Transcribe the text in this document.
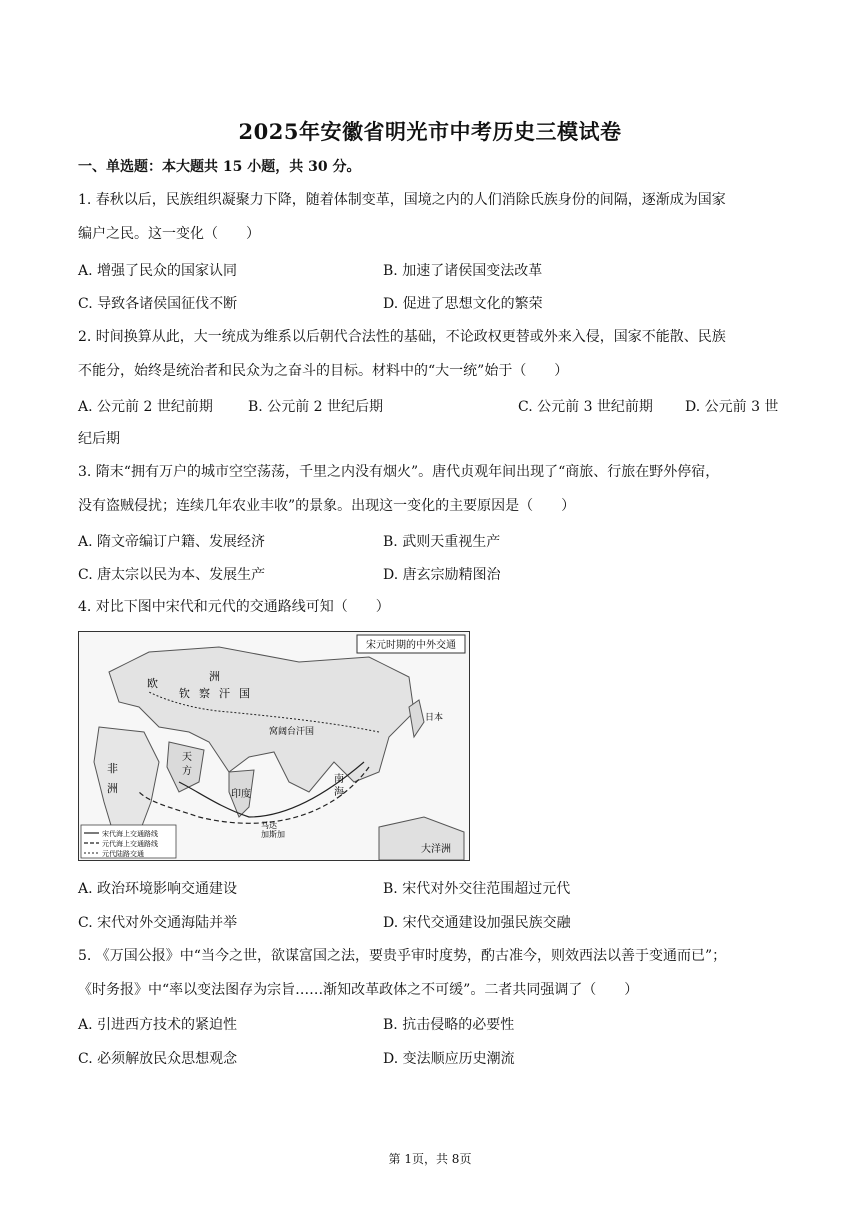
2025年安徽省明光市中考历史三模试卷
一、单选题：本大题共 15 小题，共 30 分。
1. 春秋以后，民族组织凝聚力下降，随着体制变革，国境之内的人们消除氏族身份的间隔，逐渐成为国家
编户之民。这一变化（　　）
A. 增强了民众的国家认同	B. 加速了诸侯国变法改革
C. 导致各诸侯国征伐不断	D. 促进了思想文化的繁荣
2. 时间换算从此，大一统成为维系以后朝代合法性的基础，不论政权更替或外来入侵，国家不能散、民族
不能分，始终是统治者和民众为之奋斗的目标。材料中的“大一统”始于（　　）
A. 公元前 2 世纪前期	B. 公元前 2 世纪后期	C. 公元前 3 世纪前期 D. 公元前 3 世
纪后期
3. 隋末“拥有万户的城市空空荡荡，千里之内没有烟火”。唐代贞观年间出现了“商旅、行旅在野外停宿，
没有盗贼侵扰；连续几年农业丰收”的景象。出现这一变化的主要原因是（　　）
A. 隋文帝编订户籍、发展经济	B. 武则天重视生产
C. 唐太宗以民为本、发展生产	D. 唐玄宗励精图治
4. 对比下图中宋代和元代的交通路线可知（　　）
宋元时期的中外交通
欧
洲
钦 察 汗 国
窝阔台汗国
非
洲
天
方
印度
南
海
日本
大洋洲
马达
加斯加
宋代海上交通路线
元代海上交通路线
元代陆路交通
A. 政治环境影响交通建设	B. 宋代对外交往范围超过元代
C. 宋代对外交通海陆并举	D. 宋代交通建设加强民族交融
5. 《万国公报》中“当今之世，欲谋富国之法，要贵乎审时度势，酌古准今，则效西法以善于变通而已”；
《时务报》中“率以变法图存为宗旨……渐知改革政体之不可缓”。二者共同强调了（　　）
A. 引进西方技术的紧迫性	B. 抗击侵略的必要性
C. 必须解放民众思想观念	D. 变法顺应历史潮流
第 1页，共 8页
